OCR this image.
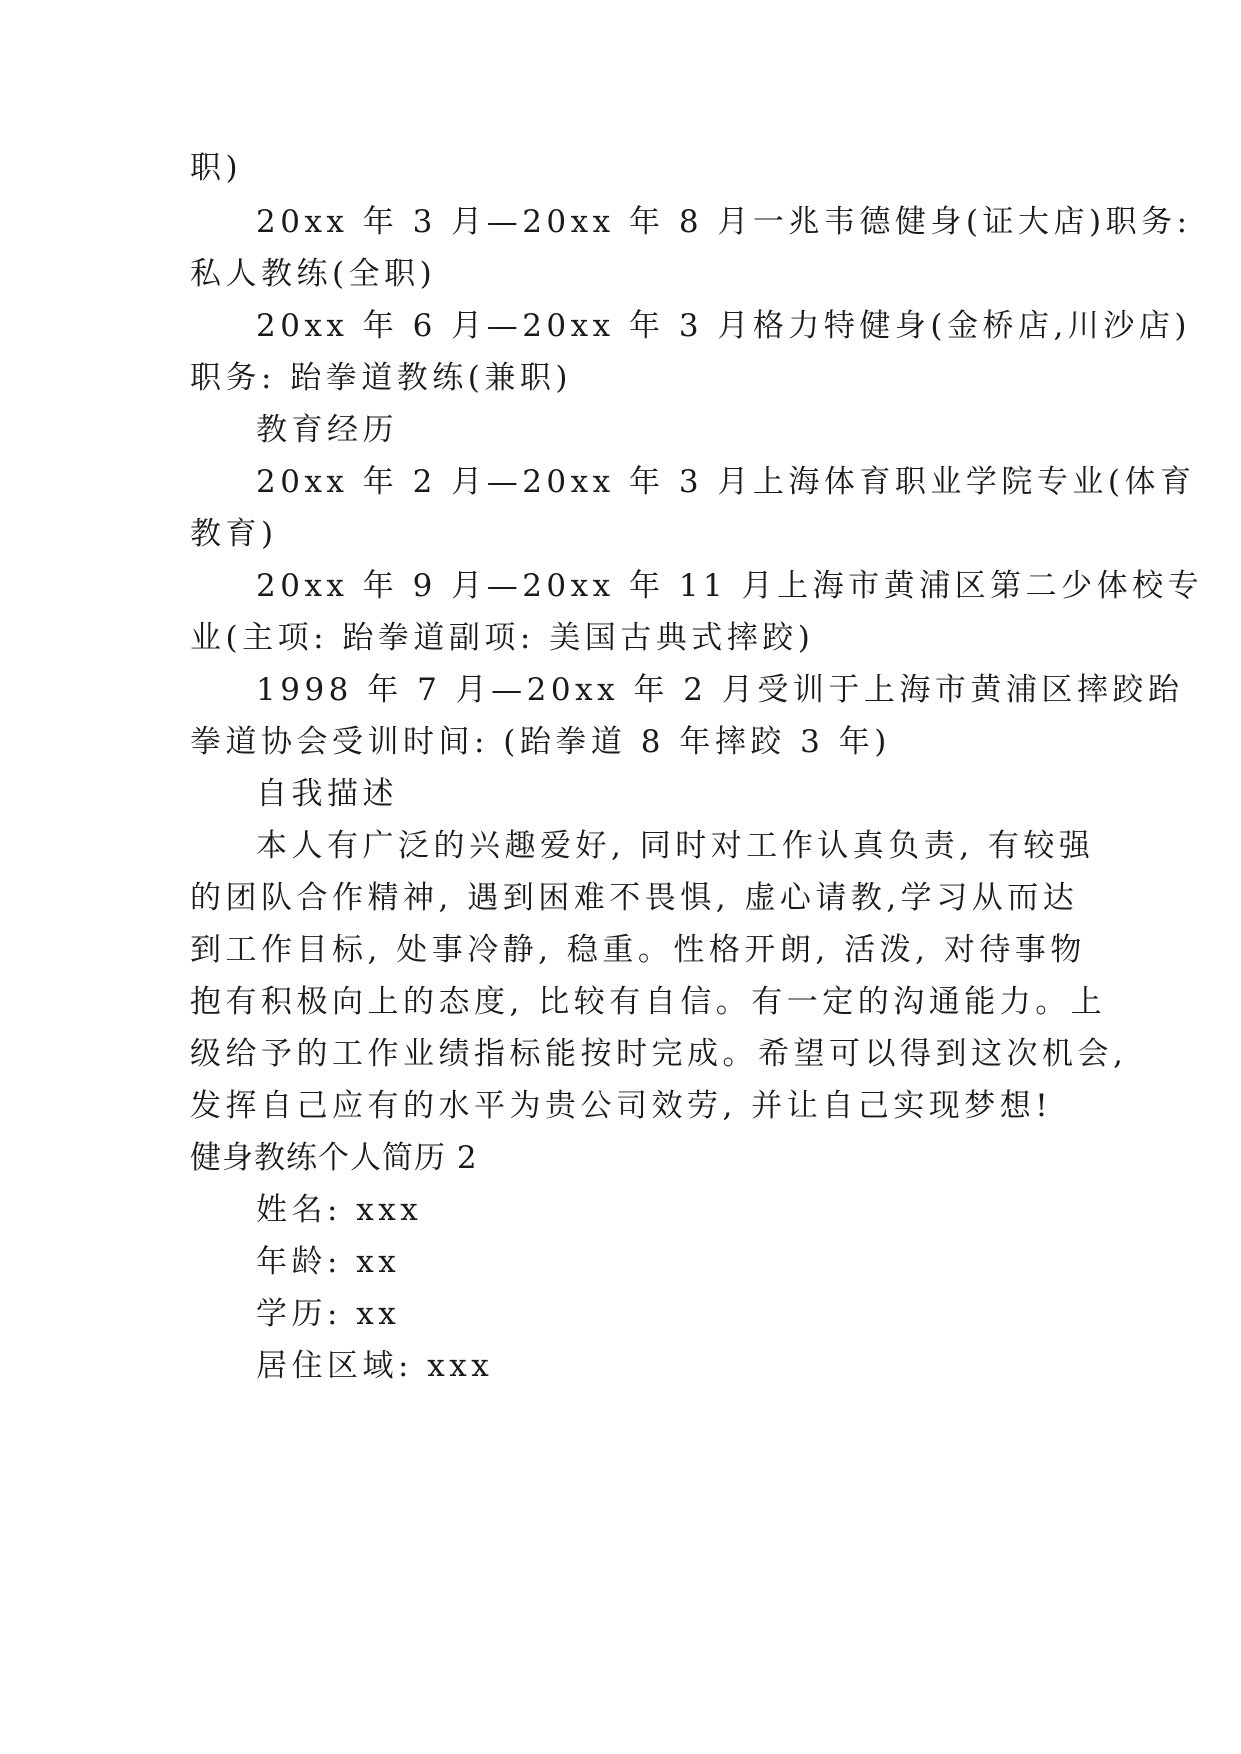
职)
20xx 年 3 月—20xx 年 8 月一兆韦德健身(证大店)职务:
私人教练(全职)
20xx 年 6 月—20xx 年 3 月格力特健身(金桥店,川沙店)
职务: 跆拳道教练(兼职)
教育经历
20xx 年 2 月—20xx 年 3 月上海体育职业学院专业(体育
教育)
20xx 年 9 月—20xx 年 11 月上海市黄浦区第二少体校专
业(主项: 跆拳道副项: 美国古典式摔跤)
1998 年 7 月—20xx 年 2 月受训于上海市黄浦区摔跤跆
拳道协会受训时间: (跆拳道 8 年摔跤 3 年)
自我描述
本人有广泛的兴趣爱好, 同时对工作认真负责, 有较强
的团队合作精神, 遇到困难不畏惧, 虚心请教,学习从而达
到工作目标, 处事冷静, 稳重。性格开朗, 活泼, 对待事物
抱有积极向上的态度, 比较有自信。有一定的沟通能力。上
级给予的工作业绩指标能按时完成。希望可以得到这次机会,
发挥自己应有的水平为贵公司效劳, 并让自己实现梦想!
健身教练个人简历 2
姓名: xxx
年龄: xx
学历: xx
居住区域: xxx
